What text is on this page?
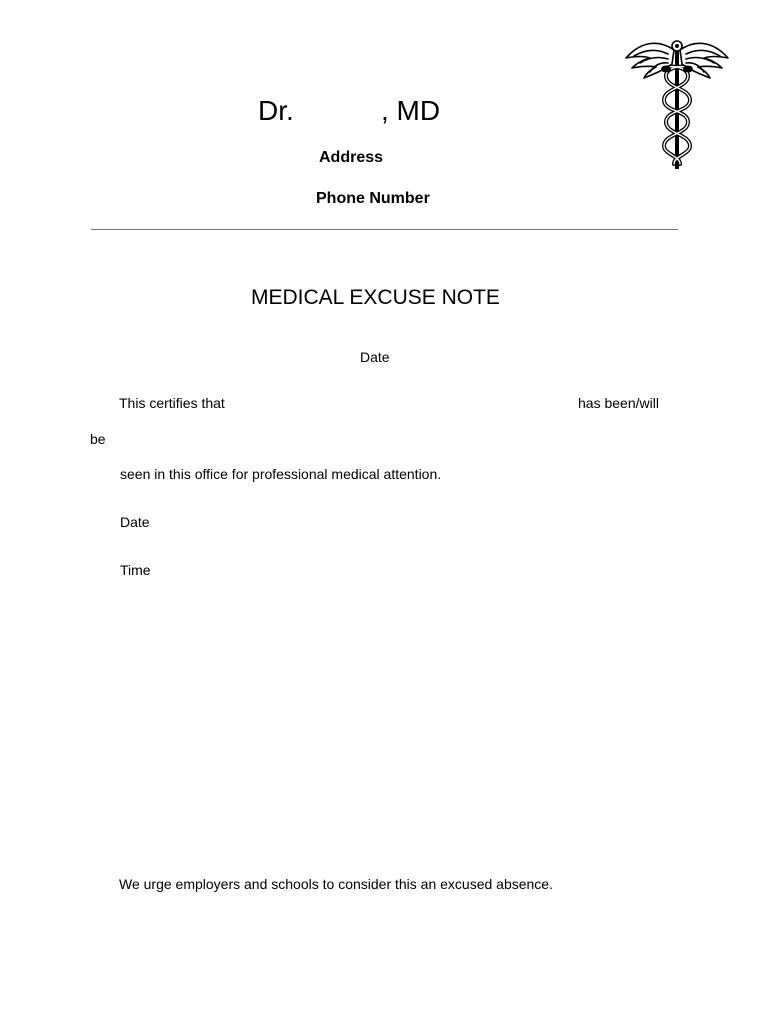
Dr.	, MD
Address
Phone Number
MEDICAL EXCUSE NOTE
Date
This certifies that	has been/will
be
seen in this office for professional medical attention.
Date
Time
We urge employers and schools to consider this an excused absence.
